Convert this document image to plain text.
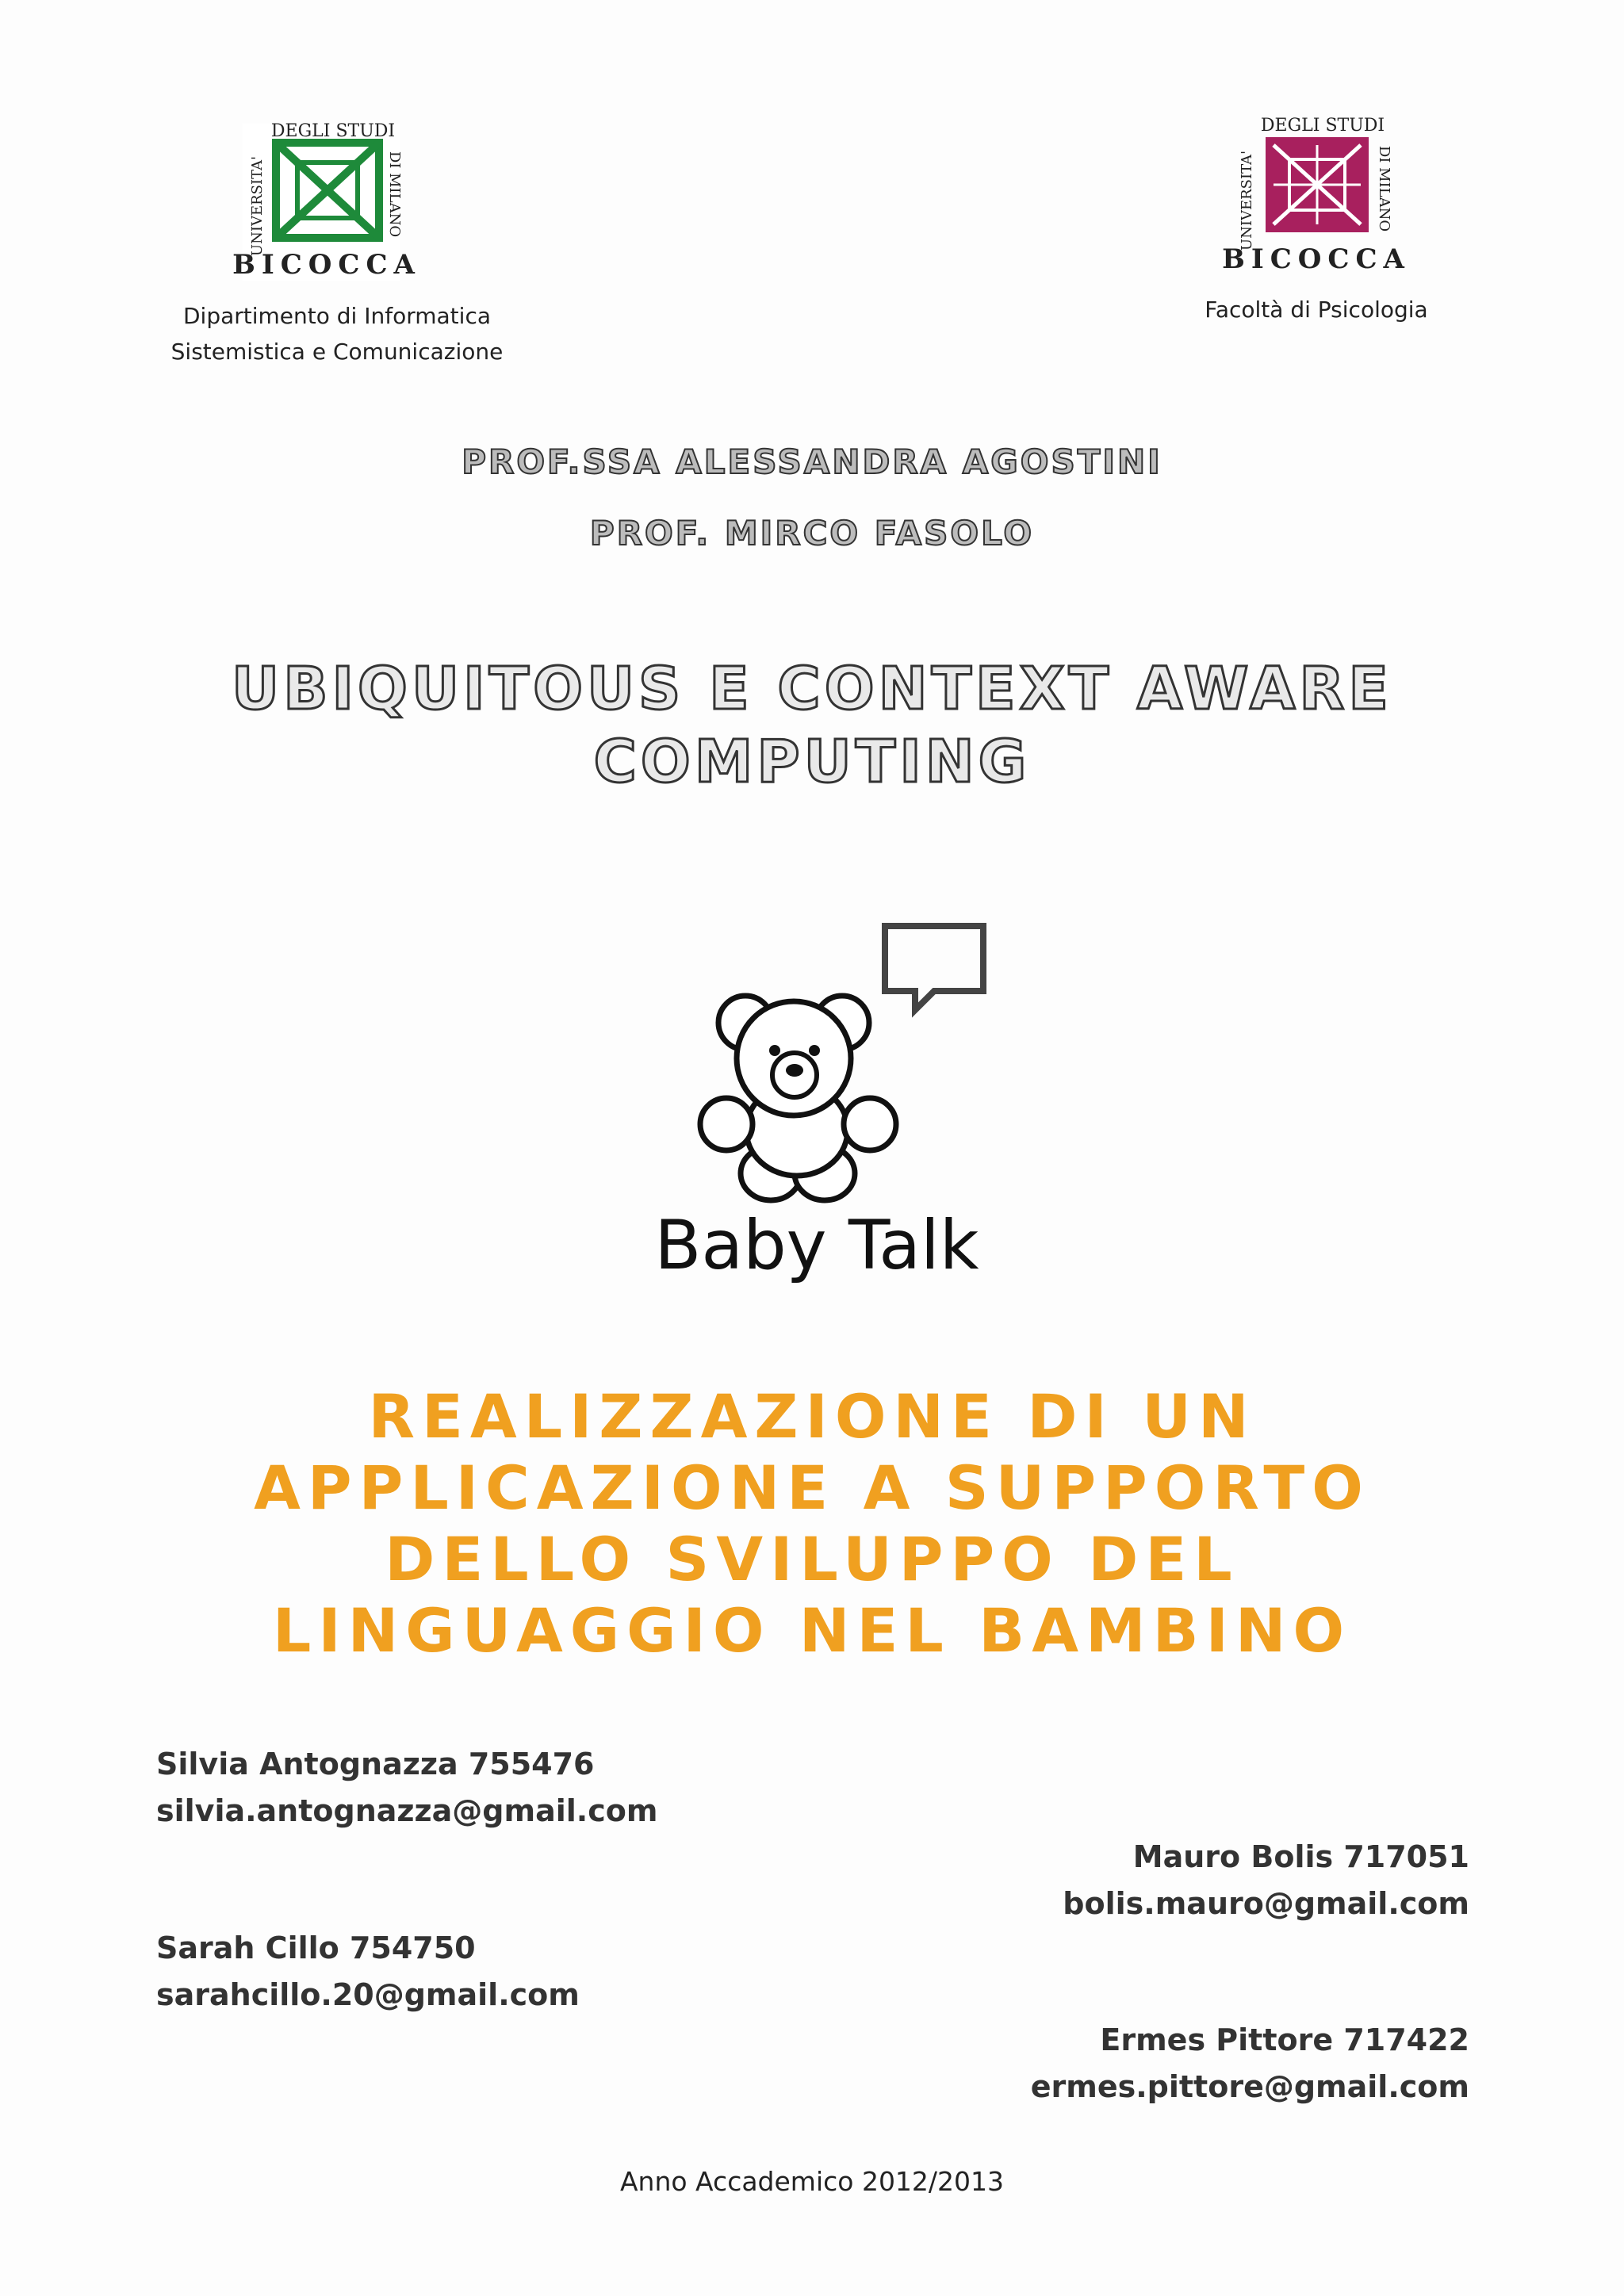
DEGLI STUDI
UNIVERSITA'	DI MILANO
BICOCCA
Dipartimento di Informatica
Sistemistica e Comunicazione
DEGLI STUDI
UNIVERSITA'	DI MILANO
BICOCCA
Facoltà di Psicologia
PROF.SSA ALESSANDRA AGOSTINI
PROF. MIRCO FASOLO
UBIQUITOUS E CONTEXT AWARE
COMPUTING
Baby Talk
REALIZZAZIONE DI UN
APPLICAZIONE A SUPPORTO
DELLO SVILUPPO DEL
LINGUAGGIO NEL BAMBINO
Silvia Antognazza 755476
silvia.antognazza@gmail.com
Mauro Bolis 717051
bolis.mauro@gmail.com
Sarah Cillo 754750
sarahcillo.20@gmail.com
Ermes Pittore 717422
ermes.pittore@gmail.com
Anno Accademico 2012/2013
